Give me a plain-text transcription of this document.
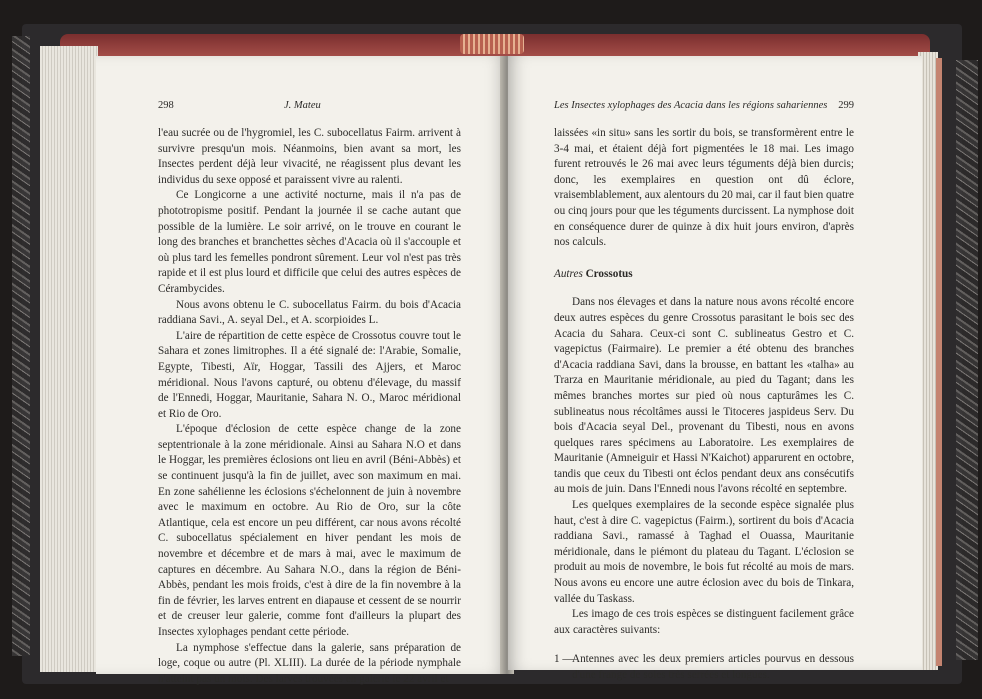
298	J. Mateu

l'eau sucrée ou de l'hygromiel, les C. subocellatus Fairm. arrivent à survivre presqu'un mois. Néanmoins, bien avant sa mort, les Insectes perdent déjà leur vivacité, ne réagissent plus devant les individus du sexe opposé et paraissent vivre au ralenti.

Ce Longicorne a une activité nocturne, mais il n'a pas de phototropisme positif. Pendant la journée il se cache autant que possible de la lumière. Le soir arrivé, on le trouve en courant le long des branches et branchettes sèches d'Acacia où il s'accouple et où plus tard les femelles pondront sûrement. Leur vol n'est pas très rapide et il est plus lourd et difficile que celui des autres espèces de Cérambycides.

Nous avons obtenu le C. subocellatus Fairm. du bois d'Acacia raddiana Savi., A. seyal Del., et A. scorpioides L.

L'aire de répartition de cette espèce de Crossotus couvre tout le Sahara et zones limitrophes. Il a été signalé de: l'Arabie, Somalie, Egypte, Tibesti, Aïr, Hoggar, Tassili des Ajjers, et Maroc méridional. Nous l'avons capturé, ou obtenu d'élevage, du massif de l'Ennedi, Hoggar, Mauritanie, Sahara N. O., Maroc méridional et Rio de Oro.

L'époque d'éclosion de cette espèce change de la zone septentrionale à la zone méridionale. Ainsi au Sahara N.O et dans le Hoggar, les premières éclosions ont lieu en avril (Béni-Abbès) et se continuent jusqu'à la fin de juillet, avec son maximum en mai. En zone sahélienne les éclosions s'échelonnent de juin à novembre avec le maximum en octobre. Au Rio de Oro, sur la côte Atlantique, cela est encore un peu différent, car nous avons récolté C. subocellatus spécialement en hiver pendant les mois de novembre et décembre et de mars à mai, avec le maximum de captures en décembre. Au Sahara N.O., dans la région de Béni-Abbès, pendant les mois froids, c'est à dire de la fin novembre à la fin de février, les larves entrent en diapause et cessent de se nourrir et de creuser leur galerie, comme font d'ailleurs la plupart des Insectes xylophages pendant cette période.

La nymphose s'effectue dans la galerie, sans préparation de loge, coque ou autre (Pl. XLIII). La durée de la période nymphale n'atteint pas un mois. Des larves trouvées en galerie le 22 avril et

Les Insectes xylophages des Acacia dans les régions sahariennes 299

laissées «in situ» sans les sortir du bois, se transformèrent entre le 3-4 mai, et étaient déjà fort pigmentées le 18 mai. Les imago furent retrouvés le 26 mai avec leurs téguments déjà bien durcis; donc, les exemplaires en question ont dû éclore, vraisemblablement, aux alentours du 20 mai, car il faut bien quatre ou cinq jours pour que les téguments durcissent. La nymphose doit en conséquence durer de quinze à dix huit jours environ, d'après nos calculs.

Autres Crossotus

Dans nos élevages et dans la nature nous avons récolté encore deux autres espèces du genre Crossotus parasitant le bois sec des Acacia du Sahara. Ceux-ci sont C. sublineatus Gestro et C. vagepictus (Fairmaire). Le premier a été obtenu des branches d'Acacia raddiana Savi, dans la brousse, en battant les «talha» au Trarza en Mauritanie méridionale, au pied du Tagant; dans les mêmes branches mortes sur pied où nous capturâmes les C. sublineatus nous récoltâmes aussi le Titoceres jaspideus Serv. Du bois d'Acacia seyal Del., provenant du Tibesti, nous en avons quelques rares spécimens au Laboratoire. Les exemplaires de Mauritanie (Amneiguir et Hassi N'Kaichot) apparurent en octobre, tandis que ceux du Tibesti ont éclos pendant deux ans consécutifs au mois de juin. Dans l'Ennedi nous l'avons récolté en septembre.

Les quelques exemplaires de la seconde espèce signalée plus haut, c'est à dire C. vagepictus (Fairm.), sortirent du bois d'Acacia raddiana Savi., ramassé à Taghad el Ouassa, Mauritanie méridionale, dans le piémont du plateau du Tagant. L'éclosion se produit au mois de novembre, le bois fut récolté au mois de mars. Nous avons eu encore une autre éclosion avec du bois de Tinkara, vallée du Taskass.

Les imago de ces trois espèces se distinguent facilement grâce aux caractères suivants:

1 —
Antennes avec les deux premiers articles pourvus en dessous d'une frange de soies très serrées et longues.
